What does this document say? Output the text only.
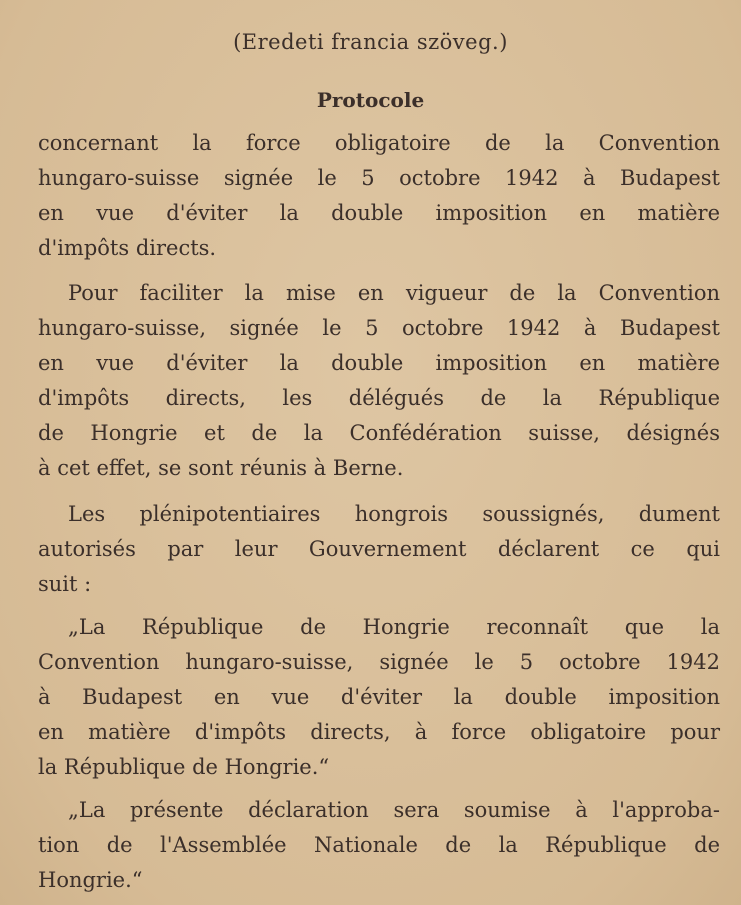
(Eredeti francia szöveg.)
Protocole
concernant la force obligatoire de la Convention
hungaro-suisse signée le 5 octobre 1942 à Budapest
en vue d'éviter la double imposition en matière
d'impôts directs.
Pour faciliter la mise en vigueur de la Convention
hungaro-suisse, signée le 5 octobre 1942 à Budapest
en vue d'éviter la double imposition en matière
d'impôts directs, les délégués de la République
de Hongrie et de la Confédération suisse, désignés
à cet effet, se sont réunis à Berne.
Les plénipotentiaires hongrois soussignés, dument
autorisés par leur Gouvernement déclarent ce qui
suit :
„La République de Hongrie reconnaît que la
Convention hungaro-suisse, signée le 5 octobre 1942
à Budapest en vue d'éviter la double imposition
en matière d'impôts directs, à force obligatoire pour
la République de Hongrie.“
„La présente déclaration sera soumise à l'approba-
tion de l'Assemblée Nationale de la République de
Hongrie.“
